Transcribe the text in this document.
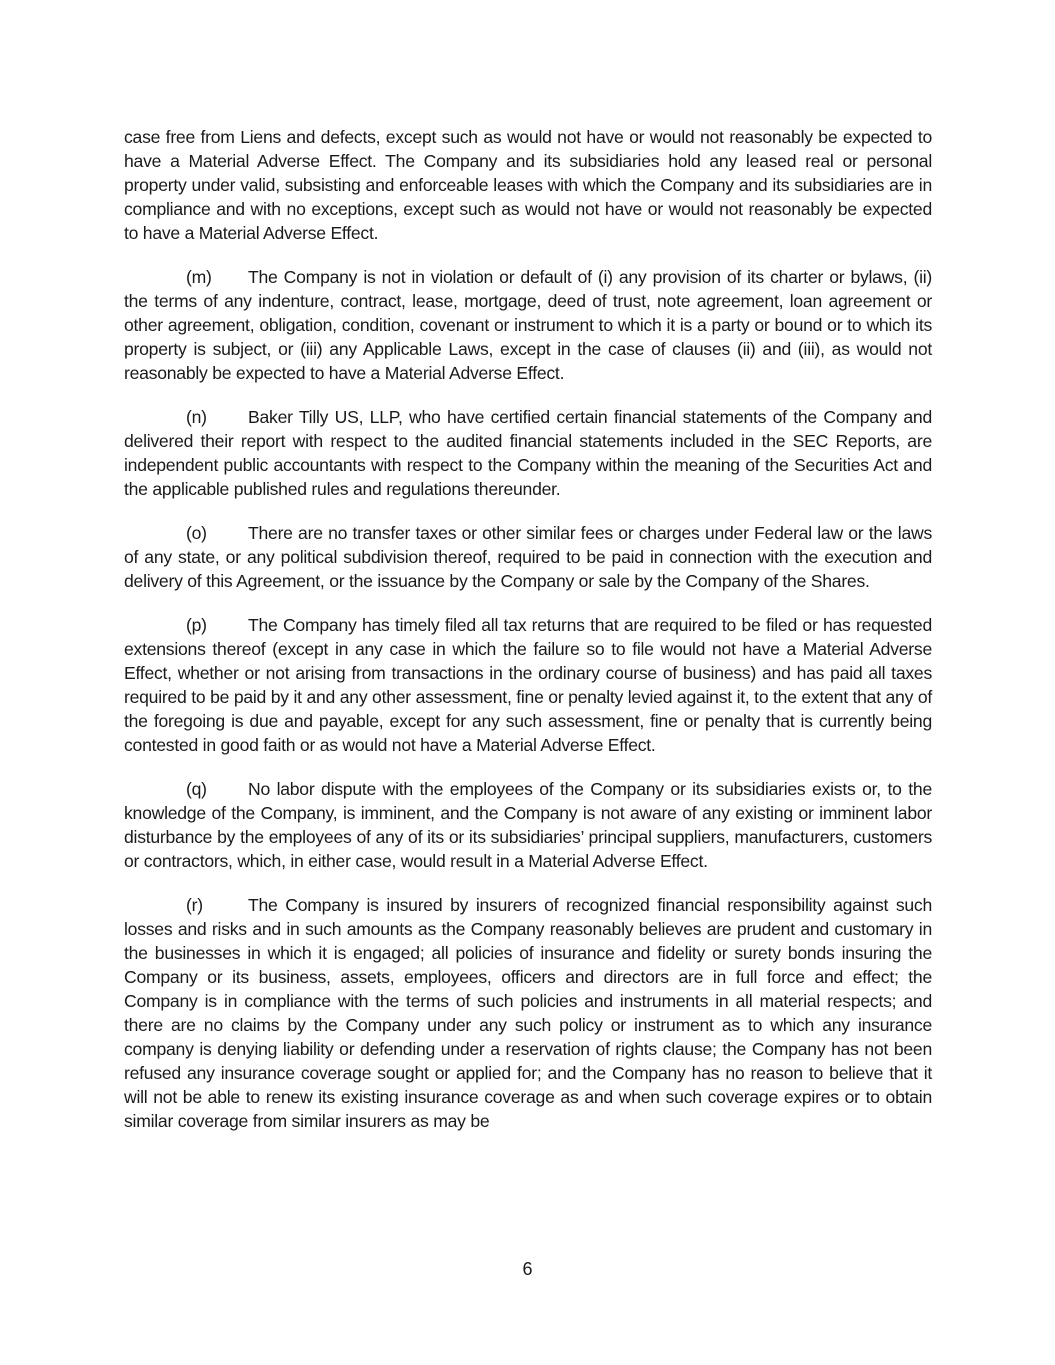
case free from Liens and defects, except such as would not have or would not reasonably be expected to have a Material Adverse Effect. The Company and its subsidiaries hold any leased real or personal property under valid, subsisting and enforceable leases with which the Company and its subsidiaries are in compliance and with no exceptions, except such as would not have or would not reasonably be expected to have a Material Adverse Effect.

(m) The Company is not in violation or default of (i) any provision of its charter or bylaws, (ii) the terms of any indenture, contract, lease, mortgage, deed of trust, note agreement, loan agreement or other agreement, obligation, condition, covenant or instrument to which it is a party or bound or to which its property is subject, or (iii) any Applicable Laws, except in the case of clauses (ii) and (iii), as would not reasonably be expected to have a Material Adverse Effect.

(n) Baker Tilly US, LLP, who have certified certain financial statements of the Company and delivered their report with respect to the audited financial statements included in the SEC Reports, are independent public accountants with respect to the Company within the meaning of the Securities Act and the applicable published rules and regulations thereunder.

(o) There are no transfer taxes or other similar fees or charges under Federal law or the laws of any state, or any political subdivision thereof, required to be paid in connection with the execution and delivery of this Agreement, or the issuance by the Company or sale by the Company of the Shares.

(p) The Company has timely filed all tax returns that are required to be filed or has requested extensions thereof (except in any case in which the failure so to file would not have a Material Adverse Effect, whether or not arising from transactions in the ordinary course of business) and has paid all taxes required to be paid by it and any other assessment, fine or penalty levied against it, to the extent that any of the foregoing is due and payable, except for any such assessment, fine or penalty that is currently being contested in good faith or as would not have a Material Adverse Effect.

(q) No labor dispute with the employees of the Company or its subsidiaries exists or, to the knowledge of the Company, is imminent, and the Company is not aware of any existing or imminent labor disturbance by the employees of any of its or its subsidiaries’ principal suppliers, manufacturers, customers or contractors, which, in either case, would result in a Material Adverse Effect.

(r)	The Company is insured by insurers of recognized financial responsibility against such losses and risks and in such amounts as the Company reasonably believes are prudent and customary in the businesses in which it is engaged; all policies of insurance and fidelity or surety bonds insuring the Company or its business, assets, employees, officers and directors are in full force and effect; the Company is in compliance with the terms of such policies and instruments in all material respects; and there are no claims by the Company under any such policy or instrument as to which any insurance company is denying liability or defending under a reservation of rights clause; the Company has not been refused any insurance coverage sought or applied for; and the Company has no reason to believe that it will not be able to renew its existing insurance coverage as and when such coverage expires or to obtain similar coverage from similar insurers as may be

6
